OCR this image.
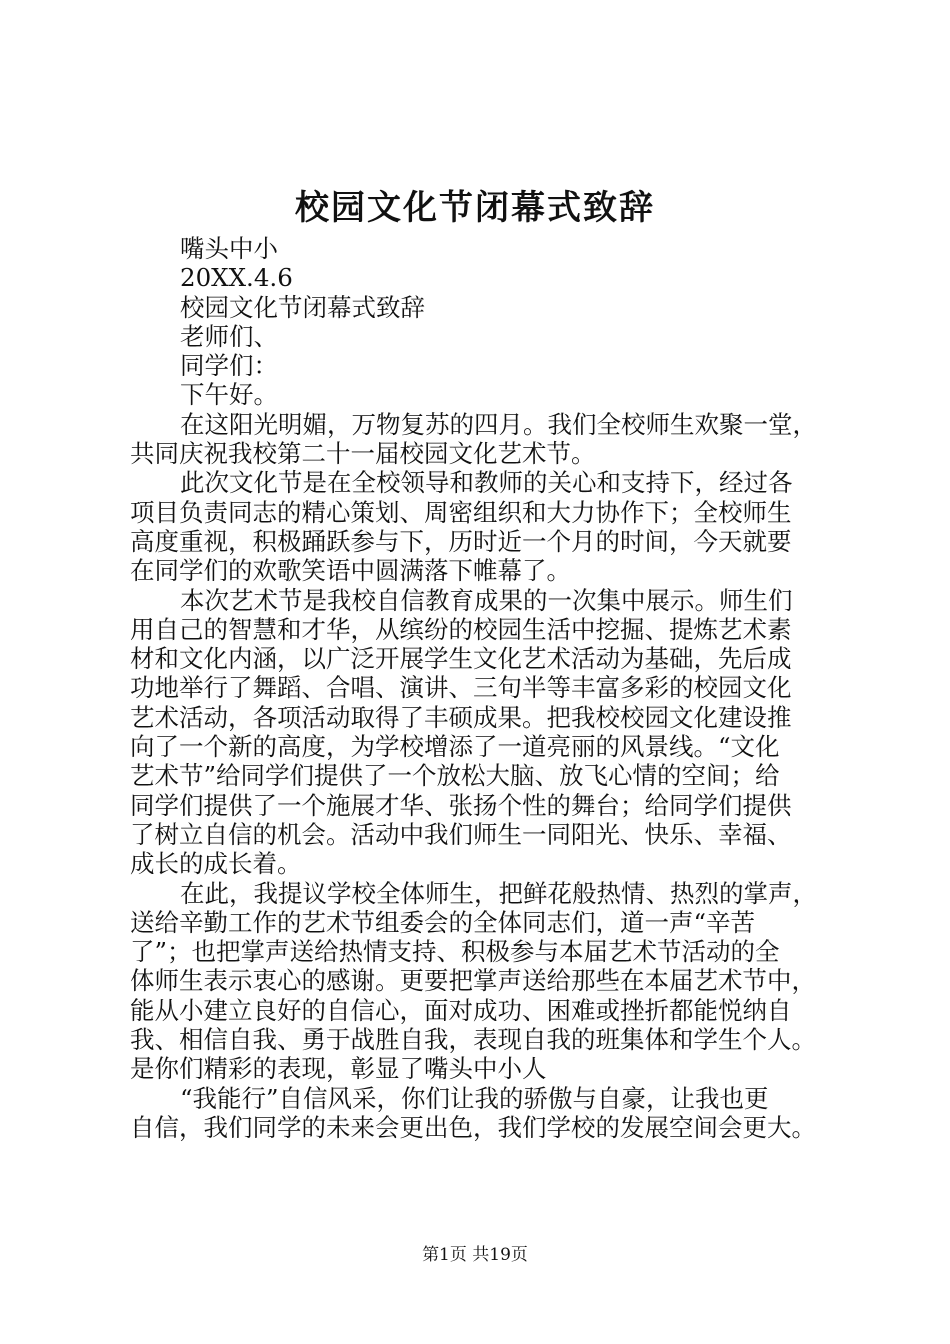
校园文化节闭幕式致辞
嘴头中小
20XX.4.6
校园文化节闭幕式致辞
老师们、
同学们：
下午好。
在这阳光明媚，万物复苏的四月。我们全校师生欢聚一堂，
共同庆祝我校第二十一届校园文化艺术节。
此次文化节是在全校领导和教师的关心和支持下，经过各
项目负责同志的精心策划、周密组织和大力协作下；全校师生
高度重视，积极踊跃参与下，历时近一个月的时间，今天就要
在同学们的欢歌笑语中圆满落下帷幕了。
本次艺术节是我校自信教育成果的一次集中展示。师生们
用自己的智慧和才华，从缤纷的校园生活中挖掘、提炼艺术素
材和文化内涵，以广泛开展学生文化艺术活动为基础，先后成
功地举行了舞蹈、合唱、演讲、三句半等丰富多彩的校园文化
艺术活动，各项活动取得了丰硕成果。把我校校园文化建设推
向了一个新的高度，为学校增添了一道亮丽的风景线。“文化
艺术节”给同学们提供了一个放松大脑、放飞心情的空间；给
同学们提供了一个施展才华、张扬个性的舞台；给同学们提供
了树立自信的机会。活动中我们师生一同阳光、快乐、幸福、
成长的成长着。
在此，我提议学校全体师生，把鲜花般热情、热烈的掌声，
送给辛勤工作的艺术节组委会的全体同志们，道一声“辛苦
了”；也把掌声送给热情支持、积极参与本届艺术节活动的全
体师生表示衷心的感谢。更要把掌声送给那些在本届艺术节中，
能从小建立良好的自信心，面对成功、困难或挫折都能悦纳自
我、相信自我、勇于战胜自我，表现自我的班集体和学生个人。
是你们精彩的表现，彰显了嘴头中小人
“我能行”自信风采，你们让我的骄傲与自豪，让我也更
自信，我们同学的未来会更出色，我们学校的发展空间会更大。
第1页 共19页
